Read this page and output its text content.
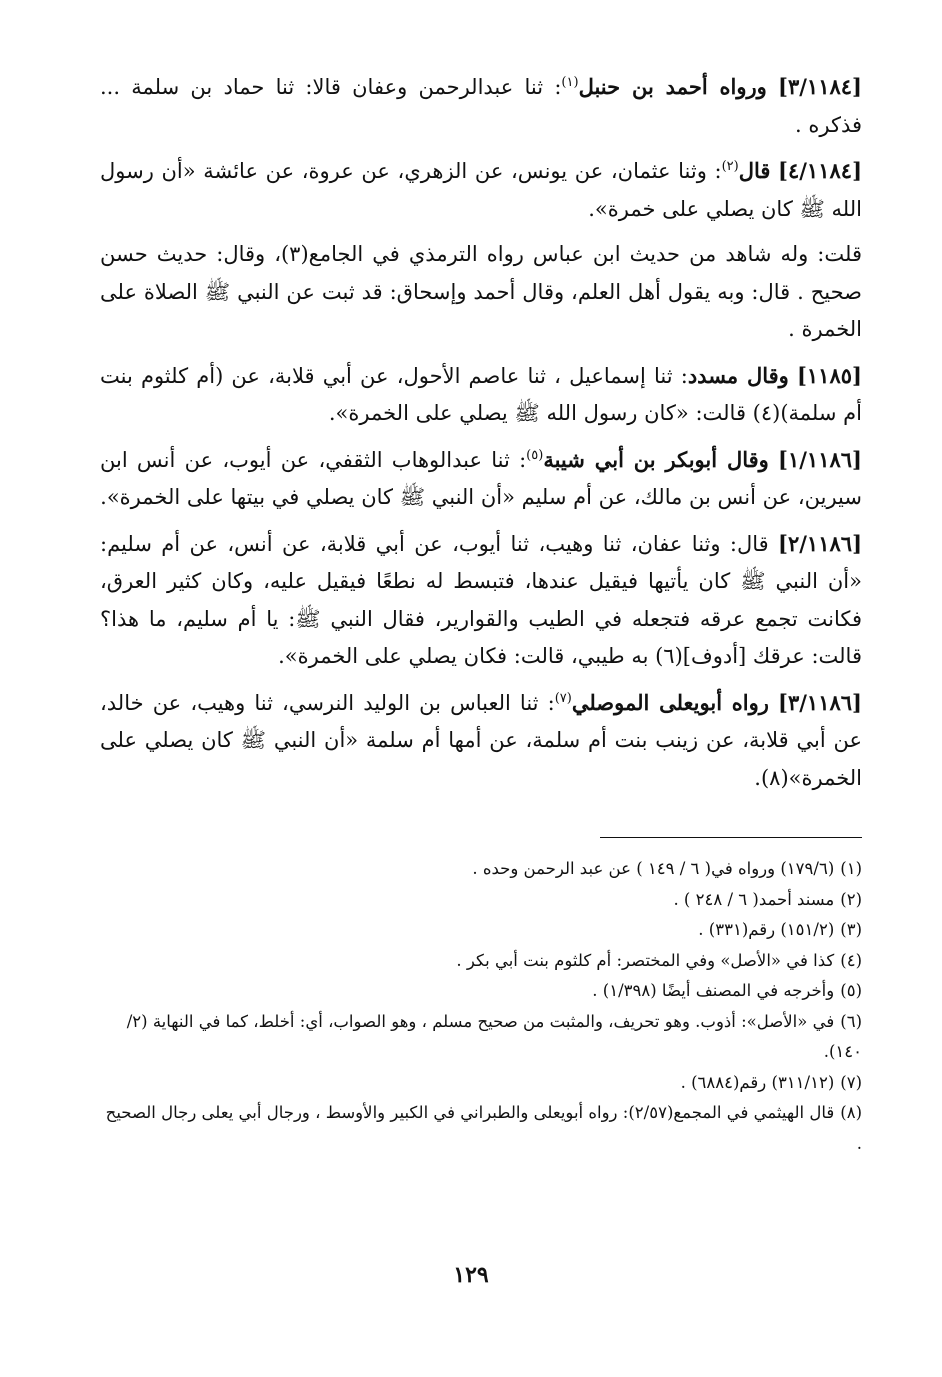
[٣/١١٨٤] ورواه أحمد بن حنبل$^{(١)}$: ثنا عبدالرحمن وعفان قالا: ثنا حماد بن سلمة ... فذكره .

[٤/١١٨٤] قال$^{(٢)}$: وثنا عثمان، عن يونس، عن الزهري، عن عروة، عن عائشة «أن رسول الله ﷺ كان يصلي على خمرة».

قلت: وله شاهد من حديث ابن عباس رواه الترمذي في الجامع(٣)، وقال: حديث حسن صحيح . قال: وبه يقول أهل العلم، وقال أحمد وإسحاق: قد ثبت عن النبي ﷺ الصلاة على الخمرة .

[١١٨٥] وقال مسدد: ثنا إسماعيل ، ثنا عاصم الأحول، عن أبي قلابة، عن (أم كلثوم بنت أم سلمة)(٤) قالت: «كان رسول الله ﷺ يصلي على الخمرة».

[١/١١٨٦] وقال أبوبكر بن أبي شيبة$^{(٥)}$: ثنا عبدالوهاب الثقفي، عن أيوب، عن أنس ابن سيرين، عن أنس بن مالك، عن أم سليم «أن النبي ﷺ كان يصلي في بيتها على الخمرة».

[٢/١١٨٦] قال: وثنا عفان، ثنا وهيب، ثنا أيوب، عن أبي قلابة، عن أنس، عن أم سليم: «أن النبي ﷺ كان يأتيها فيقيل عندها، فتبسط له نطعًا فيقيل عليه، وكان كثير العرق، فكانت تجمع عرقه فتجعله في الطيب والقوارير، فقال النبي ﷺ: يا أم سليم، ما هذا؟ قالت: عرقك [أدوف](٦) به طيبي، قالت: فكان يصلي على الخمرة».

[٣/١١٨٦] رواه أبويعلى الموصلي$^{(٧)}$: ثنا العباس بن الوليد النرسي، ثنا وهيب، عن خالد، عن أبي قلابة، عن زينب بنت أم سلمة، عن أمها أم سلمة «أن النبي ﷺ كان يصلي على الخمرة»(٨).

(١)(١٧٩/٦) ورواه في( ٦ / ١٤٩ ) عن عبد الرحمن وحده .

(٢)مسند أحمد( ٦ / ٢٤٨ ) .

(٣)(١٥١/٢) رقم(٣٣١) .

(٤)كذا في «الأصل» وفي المختصر: أم كلثوم بنت أبي بكر .

(٥)وأخرجه في المصنف أيضًا (١/٣٩٨) .

(٦)في «الأصل»: أذوب. وهو تحريف، والمثبت من صحيح مسلم ، وهو الصواب، أي: أخلط، كما في النهاية (٢/ ١٤٠).

(٧)(٣١١/١٢) رقم(٦٨٨٤) .

(٨)قال الهيثمي في المجمع(٢/٥٧): رواه أبويعلى والطبراني في الكبير والأوسط ، ورجال أبي يعلى رجال الصحيح .

١٢٩
